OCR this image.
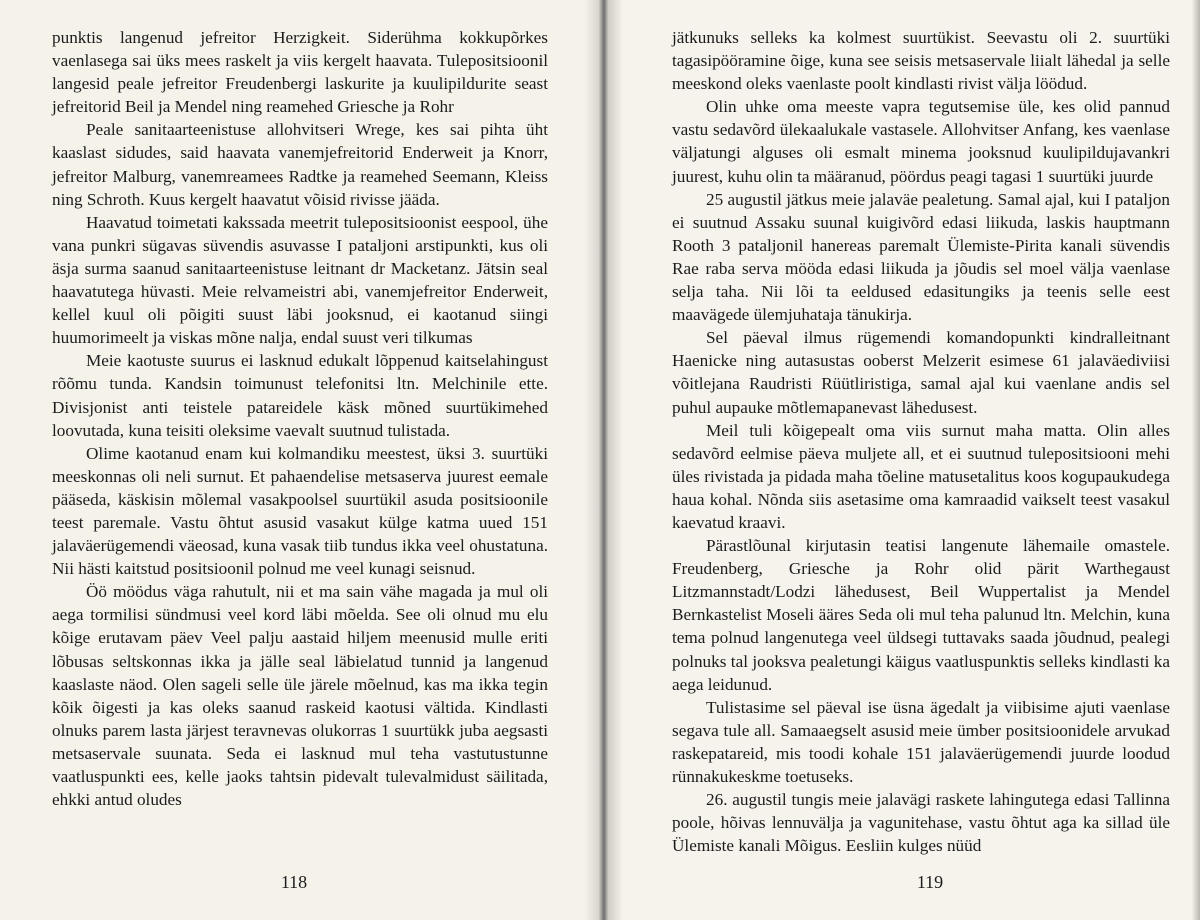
punktis langenud jefreitor Herzigkeit. Siderühma kokkupõrkes vaenlasega sai üks mees raskelt ja viis kergelt haavata. Tulepositsioonil langesid peale jefreitor Freudenbergi laskurite ja kuulipildurite seast jefreitorid Beil ja Mendel ning reamehed Griesche ja Rohr

Peale sanitaarteenistuse allohvitseri Wrege, kes sai pihta üht kaaslast sidudes, said haavata vanemjefreitorid Enderweit ja Knorr, jefreitor Malburg, vanemreamees Radtke ja reamehed Seemann, Kleiss ning Schroth. Kuus kergelt haavatut võisid rivisse jääda.

Haavatud toimetati kakssada meetrit tulepositsioonist eespool, ühe vana punkri sügavas süvendis asuvasse I pataljoni arstipunkti, kus oli äsja surma saanud sanitaarteenistuse leitnant dr Macketanz. Jätsin seal haavatutega hüvasti. Meie relvameistri abi, vanemjefreitor Enderweit, kellel kuul oli põigiti suust läbi jooksnud, ei kaotanud siingi huumorimeelt ja viskas mõne nalja, endal suust veri tilkumas

Meie kaotuste suurus ei lasknud edukalt lõppenud kaitselahingust rõõmu tunda. Kandsin toimunust telefonitsi ltn. Melchinile ette. Divisjonist anti teistele patareidele käsk mõned suurtükimehed loovutada, kuna teisiti oleksime vaevalt suutnud tulistada.

Olime kaotanud enam kui kolmandiku meestest, üksi 3. suurtüki meeskonnas oli neli surnut. Et pahaendelise metsaserva juurest eemale pääseda, käskisin mõlemal vasakpoolsel suurtükil asuda positsioonile teest paremale. Vastu õhtut asusid vasakut külge katma uued 151 jalaväerügemendi väeosad, kuna vasak tiib tundus ikka veel ohustatuna. Nii hästi kaitstud positsioonil polnud me veel kunagi seisnud.

Öö möödus väga rahutult, nii et ma sain vähe magada ja mul oli aega tormilisi sündmusi veel kord läbi mõelda. See oli olnud mu elu kõige erutavam päev Veel palju aastaid hiljem meenusid mulle eriti lõbusas seltskonnas ikka ja jälle seal läbielatud tunnid ja langenud kaaslaste näod. Olen sageli selle üle järele mõelnud, kas ma ikka tegin kõik õigesti ja kas oleks saanud raskeid kaotusi vältida. Kindlasti olnuks parem lasta järjest teravnevas olukorras 1 suurtükk juba aegsasti metsaservale suunata. Seda ei lasknud mul teha vastutustunne vaatluspunkti ees, kelle jaoks tahtsin pidevalt tulevalmidust säilitada, ehkki antud oludes

118

jätkunuks selleks ka kolmest suurtükist. Seevastu oli 2. suurtüki tagasipööramine õige, kuna see seisis metsaservale liialt lähedal ja selle meeskond oleks vaenlaste poolt kindlasti rivist välja löödud.

Olin uhke oma meeste vapra tegutsemise üle, kes olid pannud vastu sedavõrd ülekaalukale vastasele. Allohvitser Anfang, kes vaenlase väljatungi alguses oli esmalt minema jooksnud kuulipildujavankri juurest, kuhu olin ta määranud, pöördus peagi tagasi 1 suurtüki juurde

25 augustil jätkus meie jalaväe pealetung. Samal ajal, kui I pataljon ei suutnud Assaku suunal kuigivõrd edasi liikuda, laskis hauptmann Rooth 3 pataljonil hanereas paremalt Ülemiste-Pirita kanali süvendis Rae raba serva mööda edasi liikuda ja jõudis sel moel välja vaenlase selja taha. Nii lõi ta eeldused edasitungiks ja teenis selle eest maavägede ülemjuhataja tänukirja.

Sel päeval ilmus rügemendi komandopunkti kindralleitnant Haenicke ning autasustas ooberst Melzerit esimese 61 jalaväediviisi võitlejana Raudristi Rüütliristiga, samal ajal kui vaenlane andis sel puhul aupauke mõtlemapanevast lähedusest.

Meil tuli kõigepealt oma viis surnut maha matta. Olin alles sedavõrd eelmise päeva muljete all, et ei suutnud tulepositsiooni mehi üles rivistada ja pidada maha tõeline matusetalitus koos kogupaukudega haua kohal. Nõnda siis asetasime oma kamraadid vaikselt teest vasakul kaevatud kraavi.

Pärastlõunal kirjutasin teatisi langenute lähemaile omastele. Freudenberg, Griesche ja Rohr olid pärit Warthegaust Litzmannstadt/Lodzi lähedusest, Beil Wuppertalist ja Mendel Bernkastelist Moseli ääres Seda oli mul teha palunud ltn. Melchin, kuna tema polnud langenutega veel üldsegi tuttavaks saada jõudnud, pealegi polnuks tal jooksva pealetungi käigus vaatluspunktis selleks kindlasti ka aega leidunud.

Tulistasime sel päeval ise üsna ägedalt ja viibisime ajuti vaenlase segava tule all. Samaaegselt asusid meie ümber positsioonidele arvukad raskepatareid, mis toodi kohale 151 jalaväerügemendi juurde loodud rünnakukeskme toetuseks.

26. augustil tungis meie jalavägi raskete lahingutega edasi Tallinna poole, hõivas lennuvälja ja vagunitehase, vastu õhtut aga ka sillad üle Ülemiste kanali Mõigus. Eesliin kulges nüüd

119
